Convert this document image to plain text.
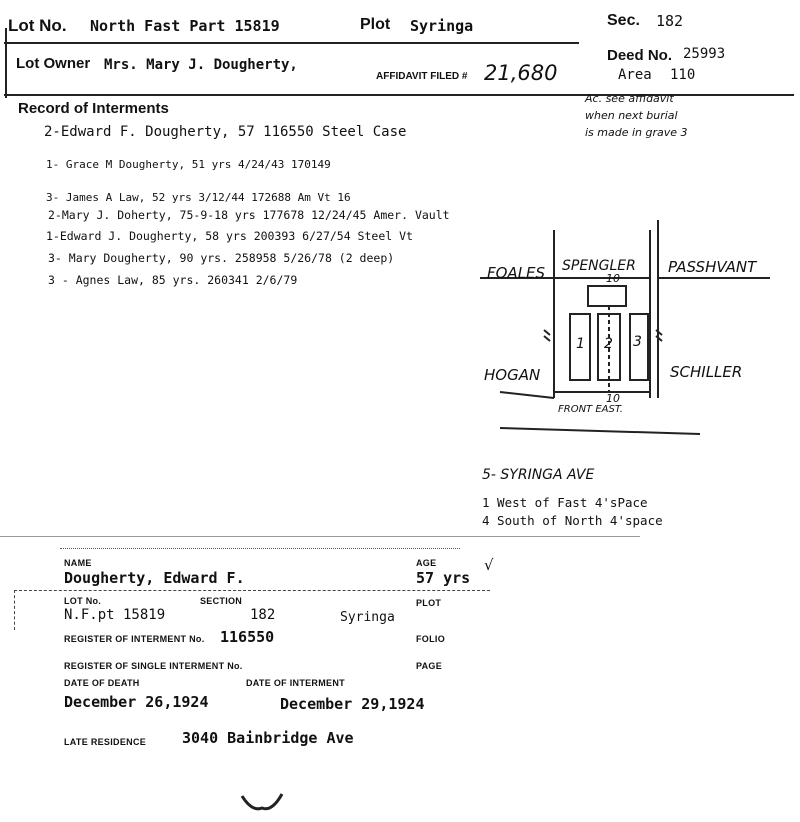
Lot No. North Fast Part 15819	Plot Syringa	Sec. 182
Lot Owner Mrs. Mary J. Dougherty,
AFFIDAVIT FILED # 21,680
Deed No. 25993
Area 110
Record of Interments
Ac. see affidavit
when next burial
is made in grave 3
2-Edward F. Dougherty, 57 116550 Steel Case
1- Grace M Dougherty, 51 yrs 4/24/43 170149
3- James A Law, 52 yrs 3/12/44 172688 Am Vt 16
2-Mary J. Doherty, 75-9-18 yrs 177678 12/24/45 Amer. Vault
1-Edward J. Dougherty, 58 yrs 200393 6/27/54 Steel Vt
3- Mary Dougherty, 90 yrs. 258958 5/26/78 (2 deep)
3 - Agnes Law, 85 yrs. 260341 2/6/79	FOALES SPENGLER PASSHVANT
10
1 2 3
HOGAN	SCHILLER
10
FRONT EAST.
5- SYRINGA AVE
1 West of Fast 4'sPace
4 South of North 4'space
NAME
Dougherty, Edward F.
AGE
57 yrs
√
LOT No.	SECTION	PLOT
N.F.pt 15819	182	Syringa
REGISTER OF INTERMENT No. 116550	FOLIO
REGISTER OF SINGLE INTERMENT No.	PAGE
DATE OF DEATH	DATE OF INTERMENT
December 26,1924	December 29,1924
LATE RESIDENCE 3040 Bainbridge Ave
